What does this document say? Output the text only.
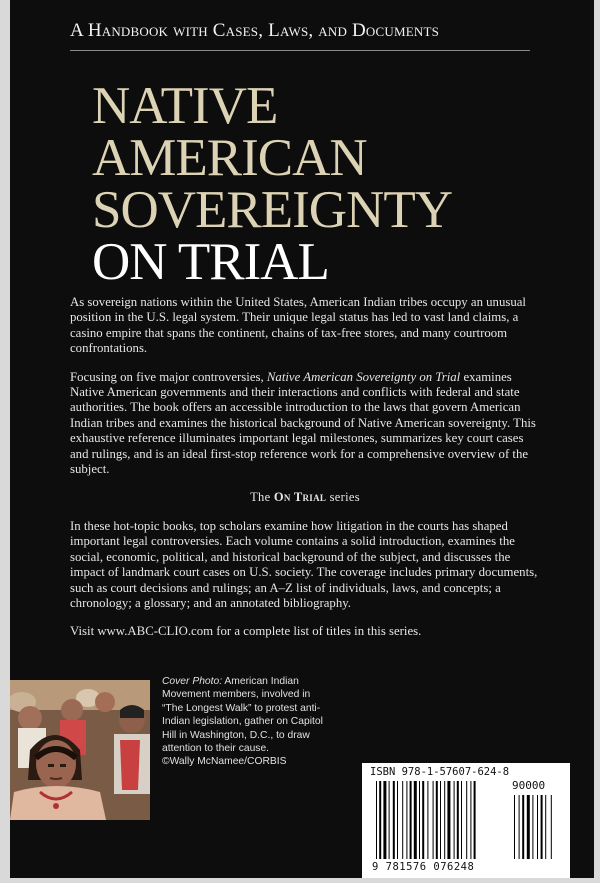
A Handbook with Cases, Laws, and Documents
NATIVE
AMERICAN
SOVEREIGNTY
ON TRIAL

As sovereign nations within the United States, American Indian tribes occupy an unusual position in the U.S. legal system. Their unique legal status has led to vast land claims, a casino empire that spans the continent, chains of tax-free stores, and many courtroom confrontations.

Focusing on five major controversies, Native American Sovereignty on Trial examines Native American governments and their interactions and conflicts with federal and state authorities. The book offers an accessible introduction to the laws that govern American Indian tribes and examines the historical background of Native American sovereignty. This exhaustive reference illuminates important legal milestones, summarizes key court cases and rulings, and is an ideal first-stop reference work for a comprehensive overview of the subject.

The On Trial series

In these hot-topic books, top scholars examine how litigation in the courts has shaped important legal controversies. Each volume contains a solid introduction, examines the social, economic, political, and historical background of the subject, and discusses the impact of landmark court cases on U.S. society. The coverage includes primary documents, such as court decisions and rulings; an A–Z list of individuals, laws, and concepts; a chronology; a glossary; and an annotated bibliography.

Visit www.ABC-CLIO.com for a complete list of titles in this series.

Cover Photo: American Indian Movement members, involved in “The Longest Walk” to protest anti-Indian legislation, gather on Capitol Hill in Washington, D.C., to draw attention to their cause.
©Wally McNamee/CORBIS
ISBN 978-1-57607-624-8
90000
9 781576 076248
